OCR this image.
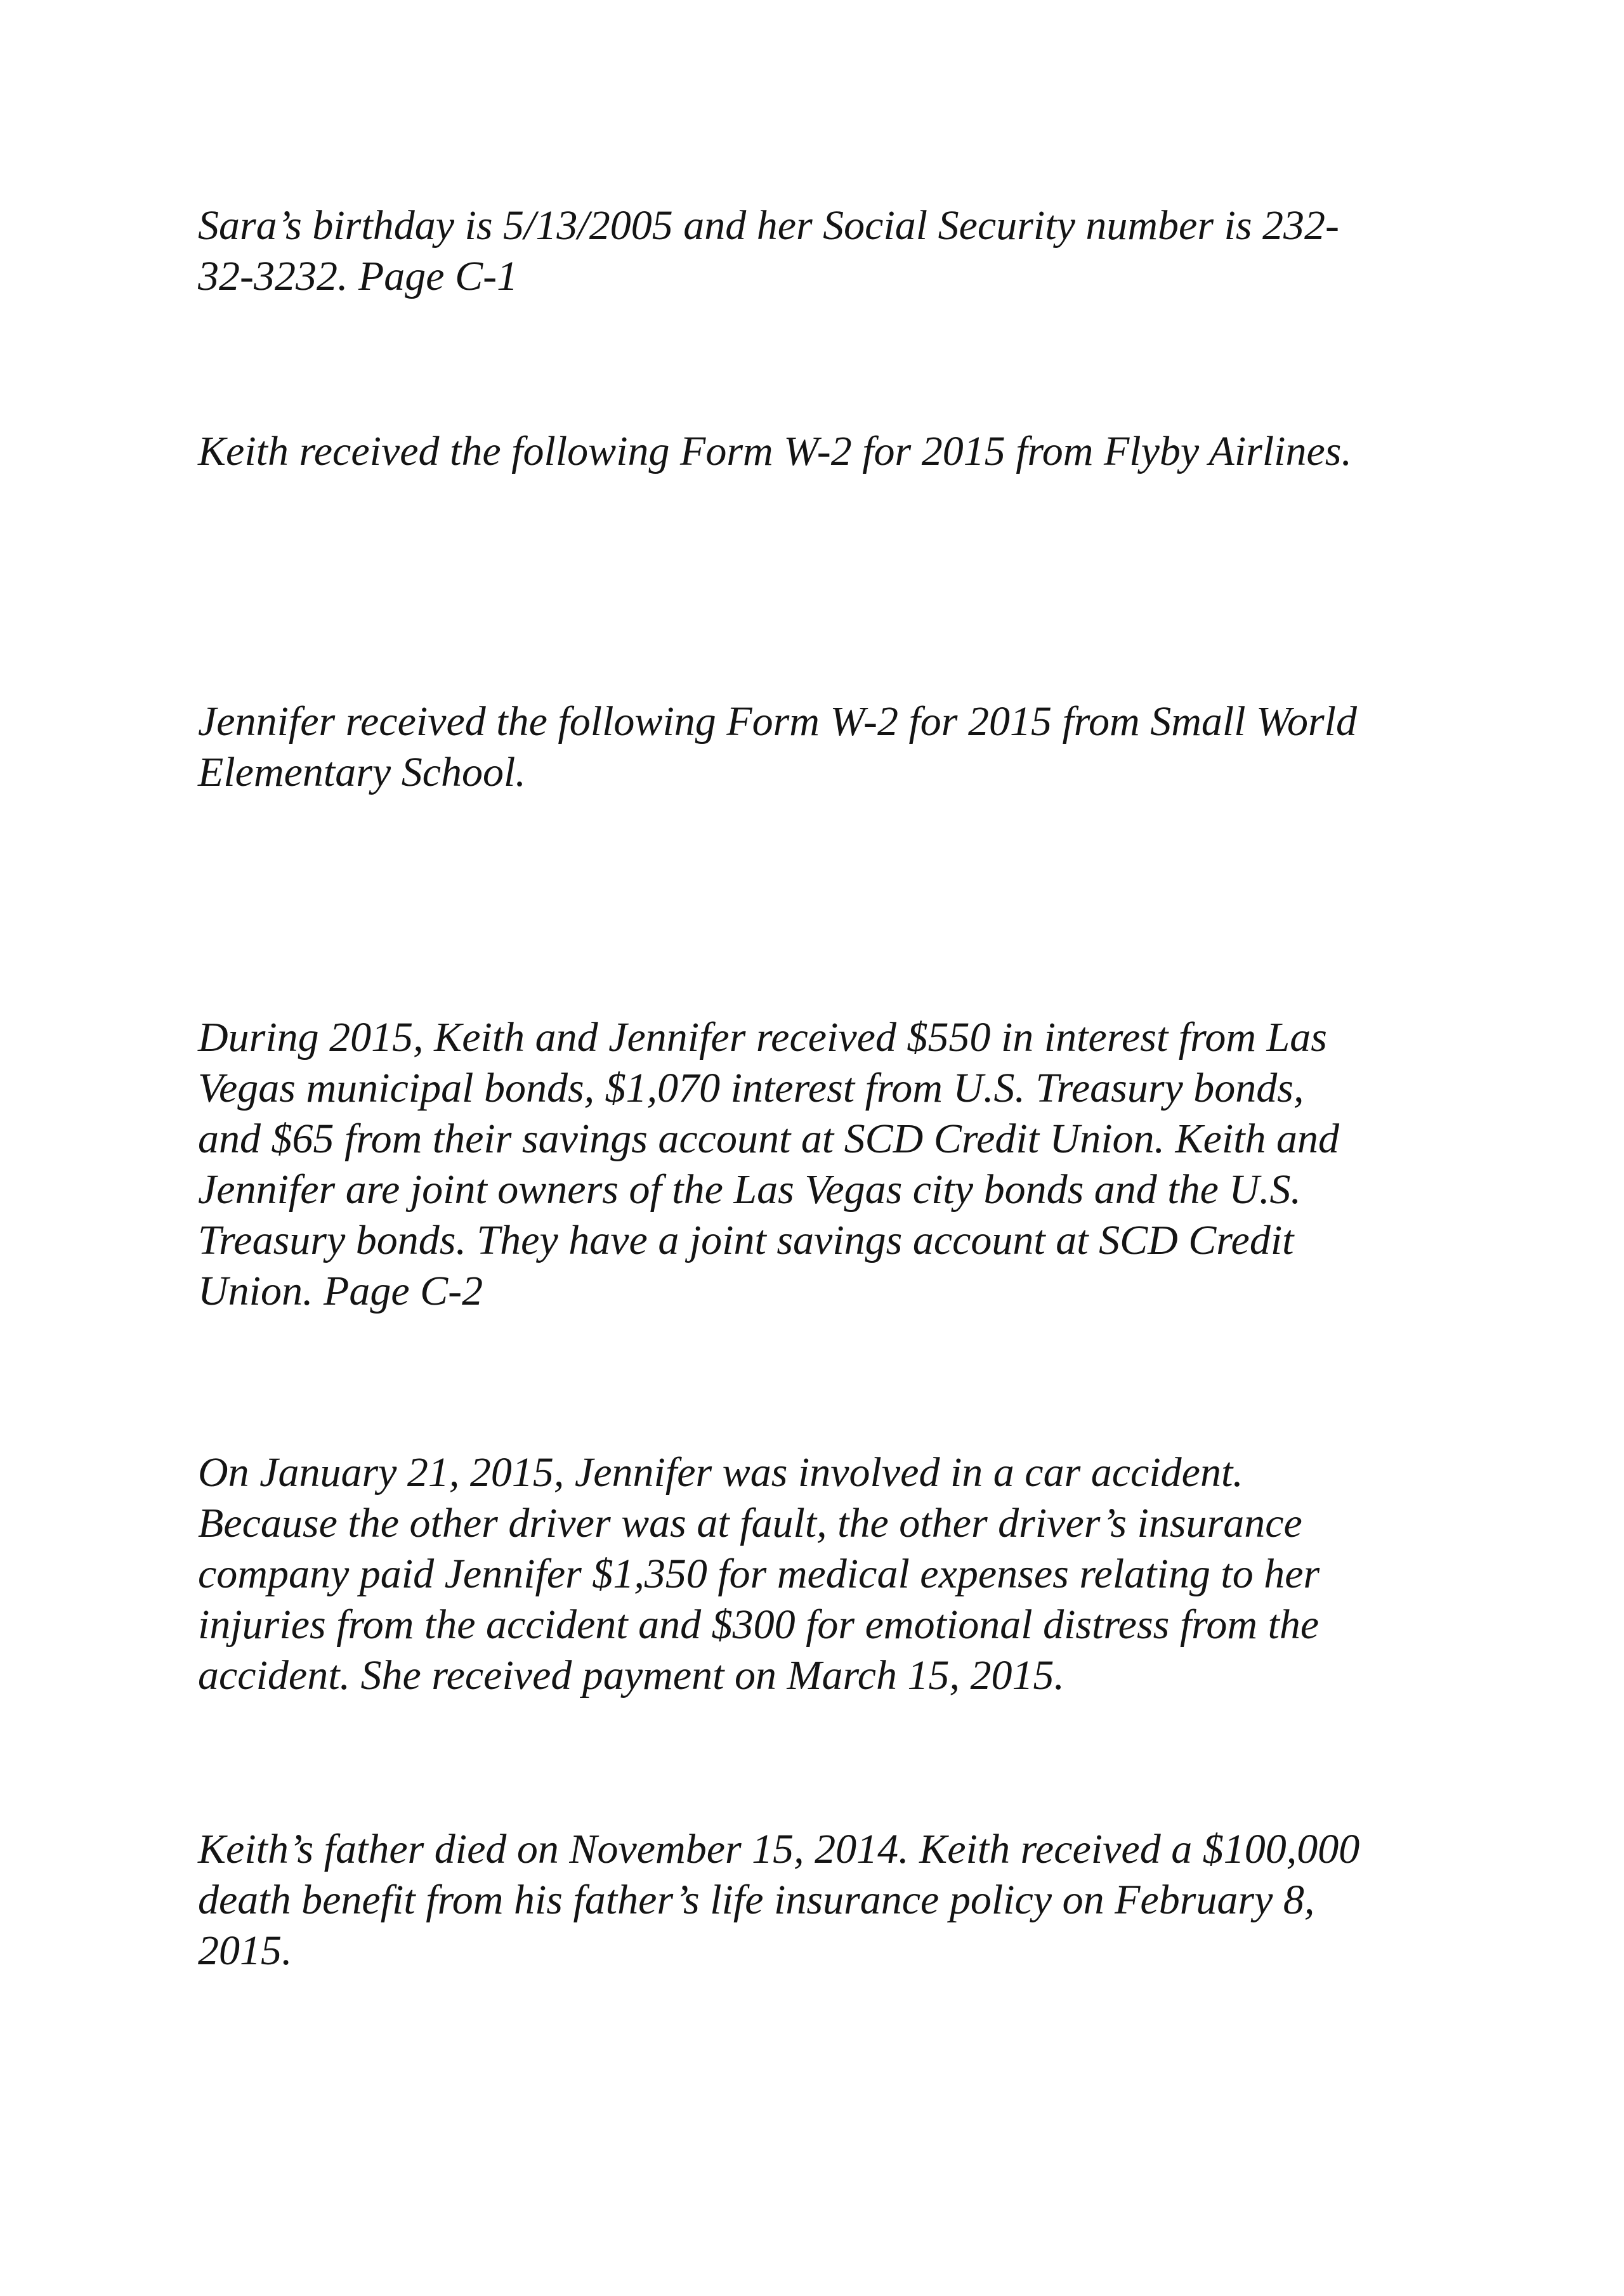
Sara’s birthday is 5/13/2005 and her Social Security number is 232-
32-3232. Page C-1

Keith received the following Form W-2 for 2015 from Flyby Airlines.

Jennifer received the following Form W-2 for 2015 from Small World
Elementary School.

During 2015, Keith and Jennifer received $550 in interest from Las
Vegas municipal bonds, $1,070 interest from U.S. Treasury bonds,
and $65 from their savings account at SCD Credit Union. Keith and
Jennifer are joint owners of the Las Vegas city bonds and the U.S.
Treasury bonds. They have a joint savings account at SCD Credit
Union. Page C-2

On January 21, 2015, Jennifer was involved in a car accident.
Because the other driver was at fault, the other driver’s insurance
company paid Jennifer $1,350 for medical expenses relating to her
injuries from the accident and $300 for emotional distress from the
accident. She received payment on March 15, 2015.

Keith’s father died on November 15, 2014. Keith received a $100,000
death benefit from his father’s life insurance policy on February 8,
2015.
